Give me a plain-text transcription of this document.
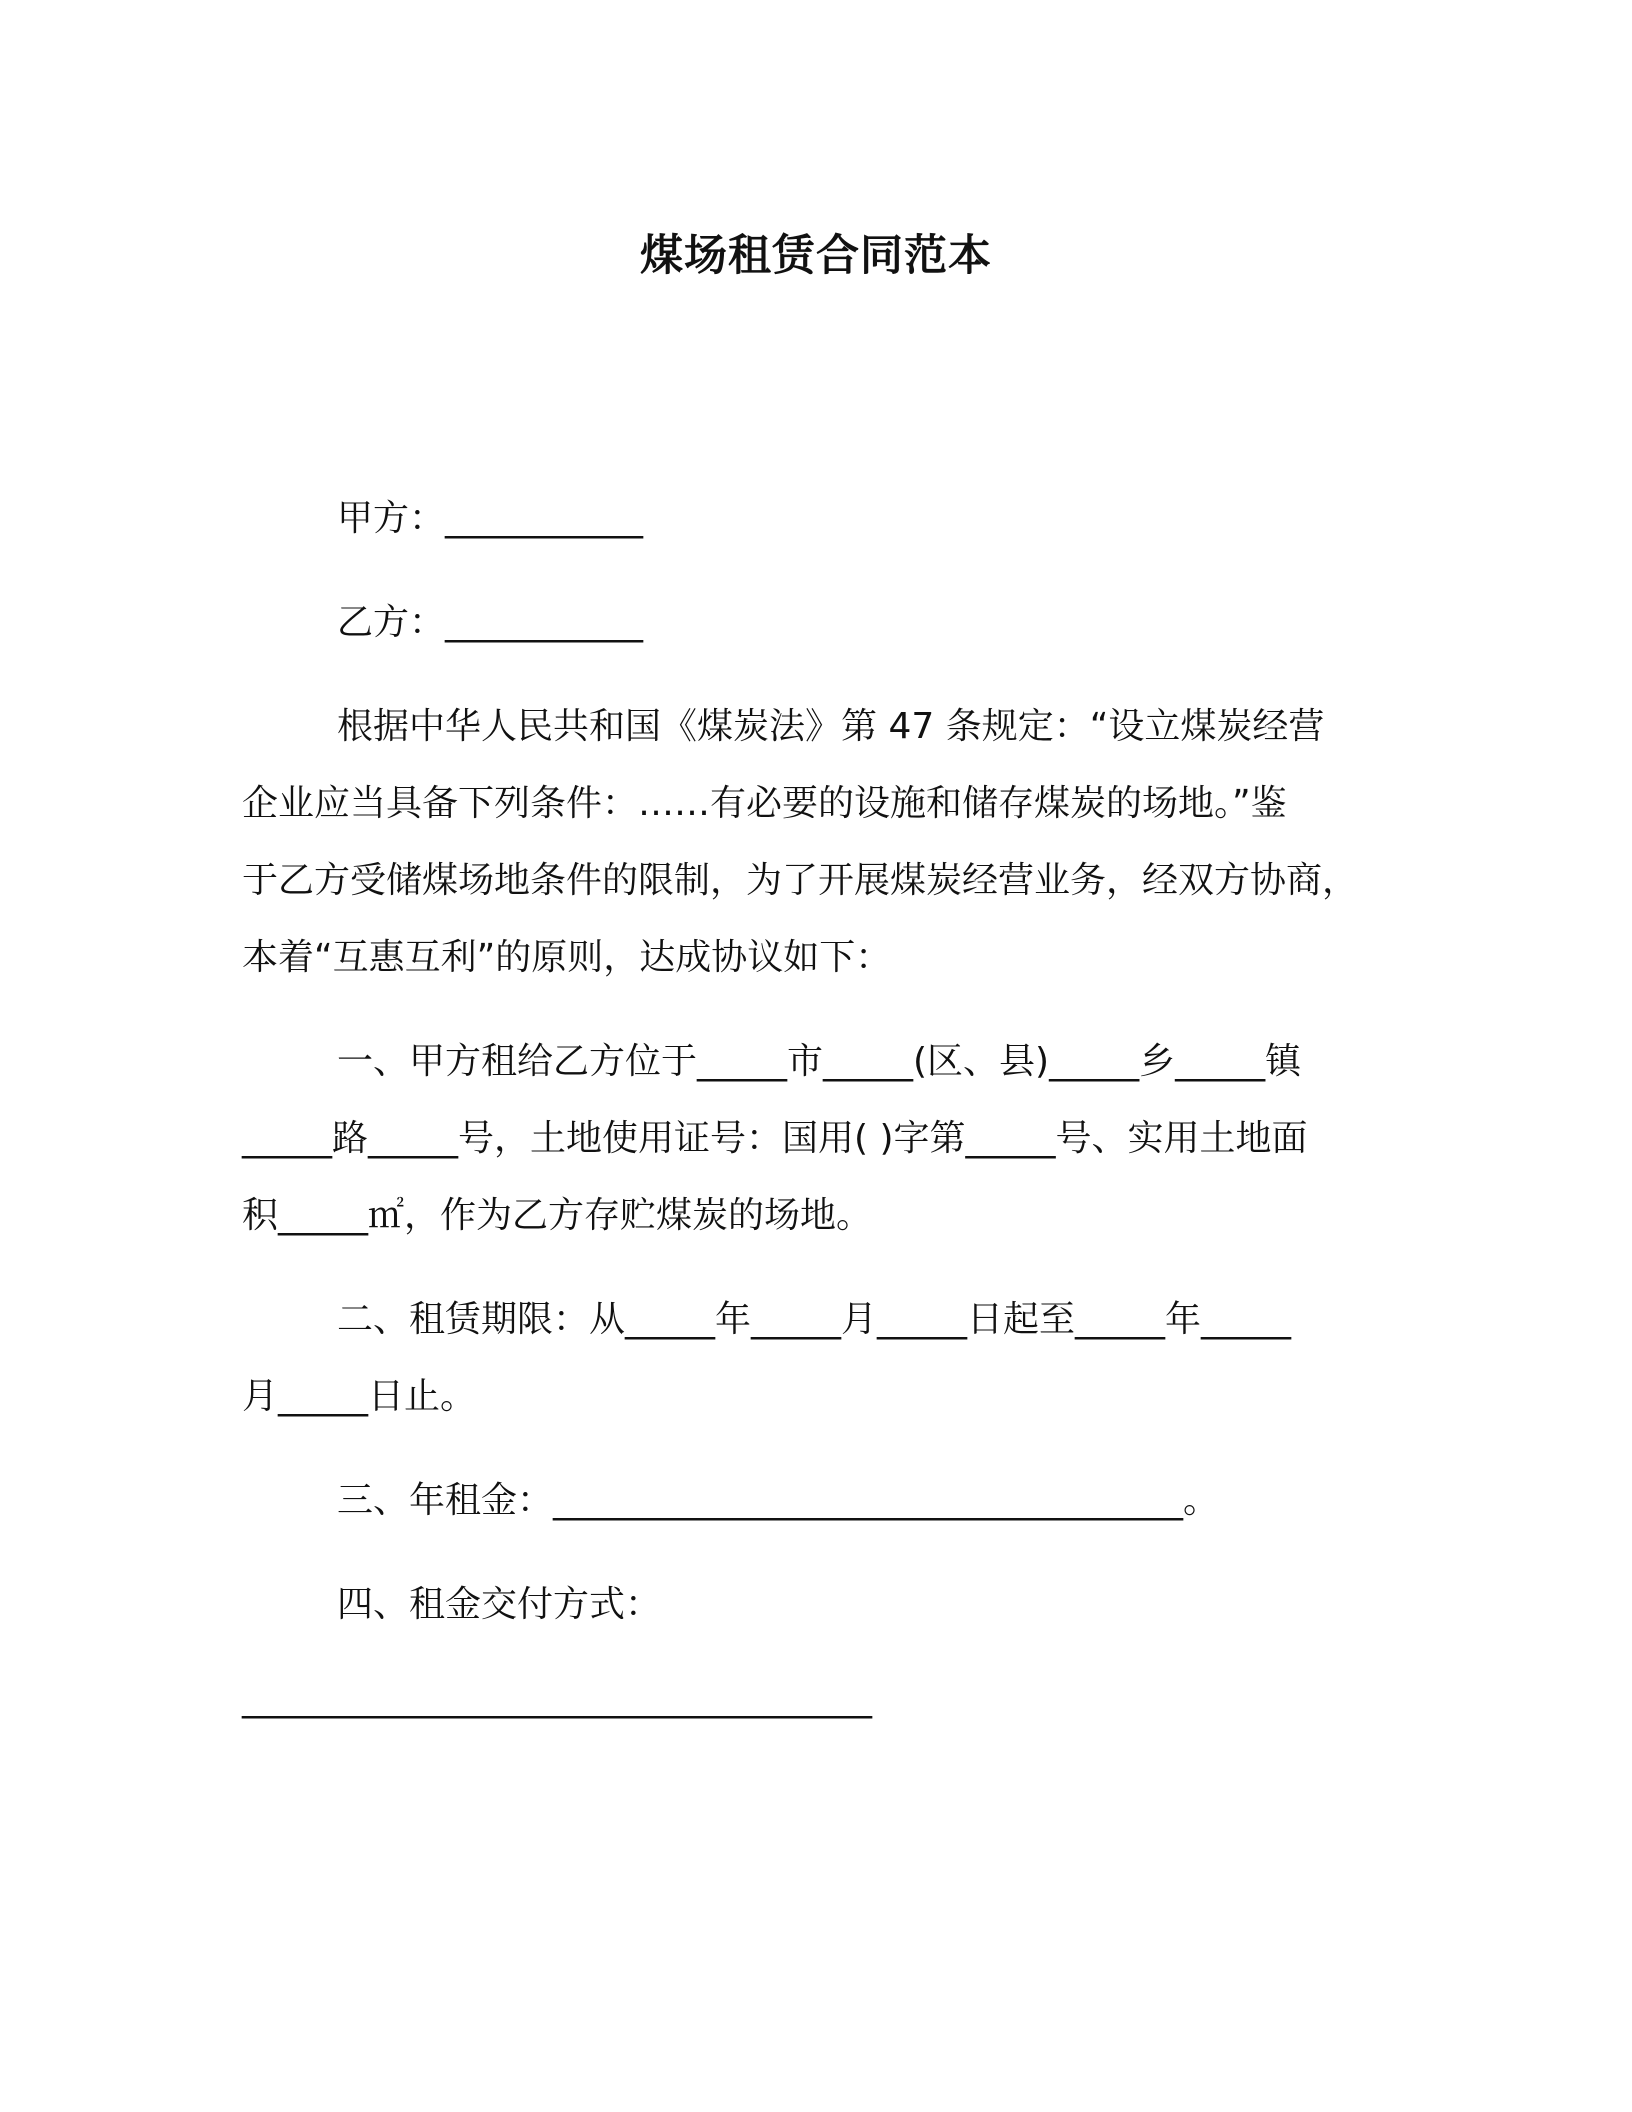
煤场租赁合同范本
甲方：___________
乙方：___________
根据中华人民共和国《煤炭法》第 47 条规定：“设立煤炭经营
企业应当具备下列条件：……有必要的设施和储存煤炭的场地。”鉴
于乙方受储煤场地条件的限制，为了开展煤炭经营业务，经双方协商，
本着“互惠互利”的原则，达成协议如下：
一、甲方租给乙方位于_____市_____(区、县)_____乡_____镇
_____路_____号，土地使用证号：国用( )字第_____号、实用土地面
积_____㎡，作为乙方存贮煤炭的场地。
二、租赁期限：从_____年_____月_____日起至_____年_____
月_____日止。
三、年租金：___________________________________。
四、租金交付方式：
___________________________________
